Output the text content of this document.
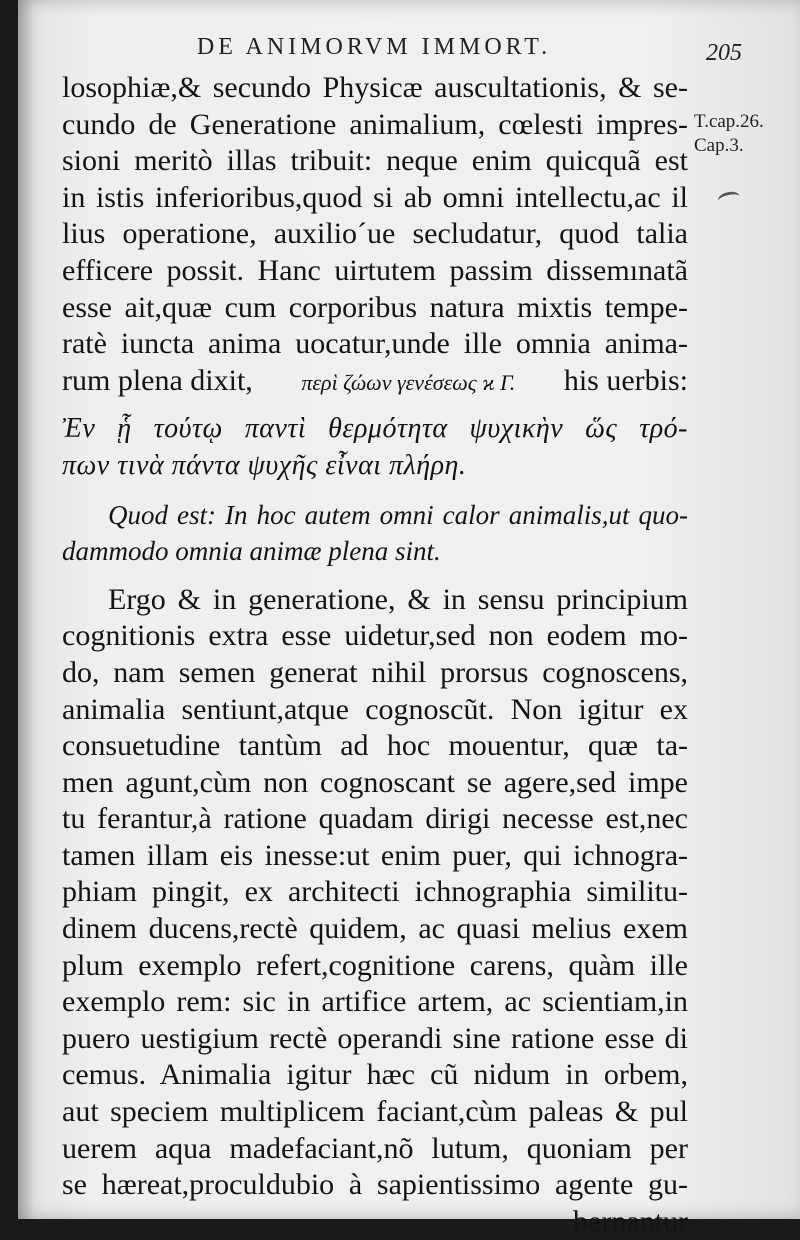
DE ANIMORVM IMMORT.	205
T.cap.26.
Cap.3.
losophiæ,& secundo Physicæ auscultationis, & se-
cundo de Generatione animalium, cœlesti impres-
sioni meritò illas tribuit: neque enim quicquã est
in istis inferioribus,quod si ab omni intellectu,ac il
lius operatione, auxilio´ue secludatur, quod talia
efficere possit. Hanc uirtutem passim dissemınatã
esse ait,quæ cum corporibus natura mixtis tempe-
ratè iuncta anima uocatur,unde ille omnia anima-
rum plena dixit, περὶ ζώων γενέσεως ϰ Γ. his uerbis:
Ἐν ᾗ τούτῳ παντὶ θερμότητα ψυχικὴν ὥς τρό-
πων τινὰ πάντα ψυχῆς εἶναι πλήρη.
Quod est: In hoc autem omni calor animalis,ut quo-
dammodo omnia animæ plena sint.
Ergo & in generatione, & in sensu principium
cognitionis extra esse uidetur,sed non eodem mo-
do, nam semen generat nihil prorsus cognoscens,
animalia sentiunt,atque cognoscũt. Non igitur ex
consuetudine tantùm ad hoc mouentur, quæ ta-
men agunt,cùm non cognoscant se agere,sed impe
tu ferantur,à ratione quadam dirigi necesse est,nec
tamen illam eis inesse:ut enim puer, qui ichnogra-
phiam pingit, ex architecti ichnographia similitu-
dinem ducens,rectè quidem, ac quasi melius exem
plum exemplo refert,cognitione carens, quàm ille
exemplo rem: sic in artifice artem, ac scientiam,in
puero uestigium rectè operandi sine ratione esse di
cemus. Animalia igitur hæc cũ nidum in orbem,
aut speciem multiplicem faciant,cùm paleas & pul
uerem aqua madefaciant,nõ lutum, quoniam per
se hæreat,proculdubio à sapientissimo agente gu-
bernantur
